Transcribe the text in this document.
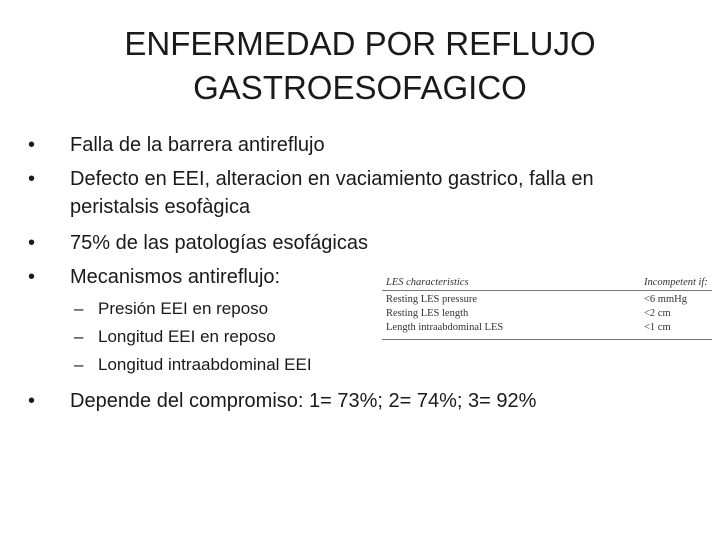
ENFERMEDAD POR REFLUJO
GASTROESOFAGICO
• Falla de la barrera antireflujo
• Defecto en EEI, alteracion en vaciamiento gastrico, falla en
peristalsis esofàgica
• 75% de las patologías esofágicas
• Mecanismos antireflujo:
– Presión EEI en reposo
– Longitud EEI en reposo
– Longitud intraabdominal EEI
• Depende del compromiso: 1= 73%; 2= 74%; 3= 92%
LES characteristics	Incompetent if:
Resting LES pressure	<6 mmHg
Resting LES length	<2 cm
Length intraabdominal LES	<1 cm
